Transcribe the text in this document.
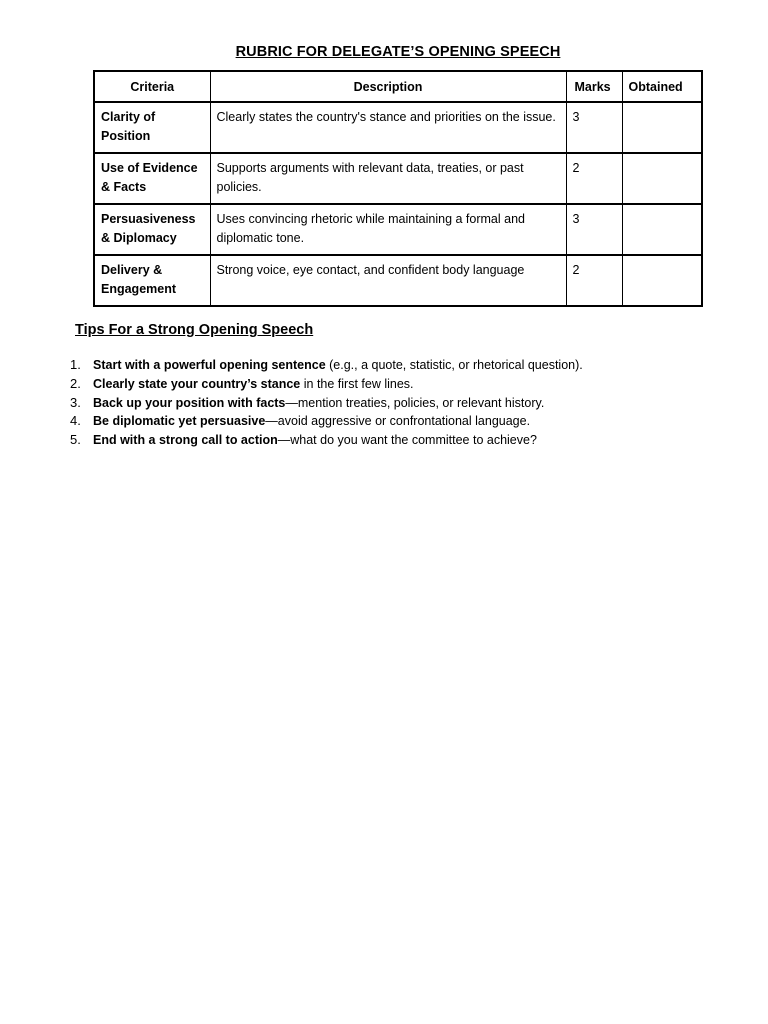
RUBRIC FOR DELEGATE’S OPENING SPEECH
Criteria	Description	Marks	Obtained
Clarity of Position	Clearly states the country's stance and priorities on the issue.	3	
Use of Evidence & Facts	Supports arguments with relevant data, treaties, or past policies.	2	
Persuasiveness & Diplomacy	Uses convincing rhetoric while maintaining a formal and diplomatic tone.	3	
Delivery & Engagement	Strong voice, eye contact, and confident body language	2	
Tips For a Strong Opening Speech
1. Start with a powerful opening sentence (e.g., a quote, statistic, or rhetorical question).
2. Clearly state your country’s stance in the first few lines.
3. Back up your position with facts—mention treaties, policies, or relevant history.
4. Be diplomatic yet persuasive—avoid aggressive or confrontational language.
5. End with a strong call to action—what do you want the committee to achieve?
